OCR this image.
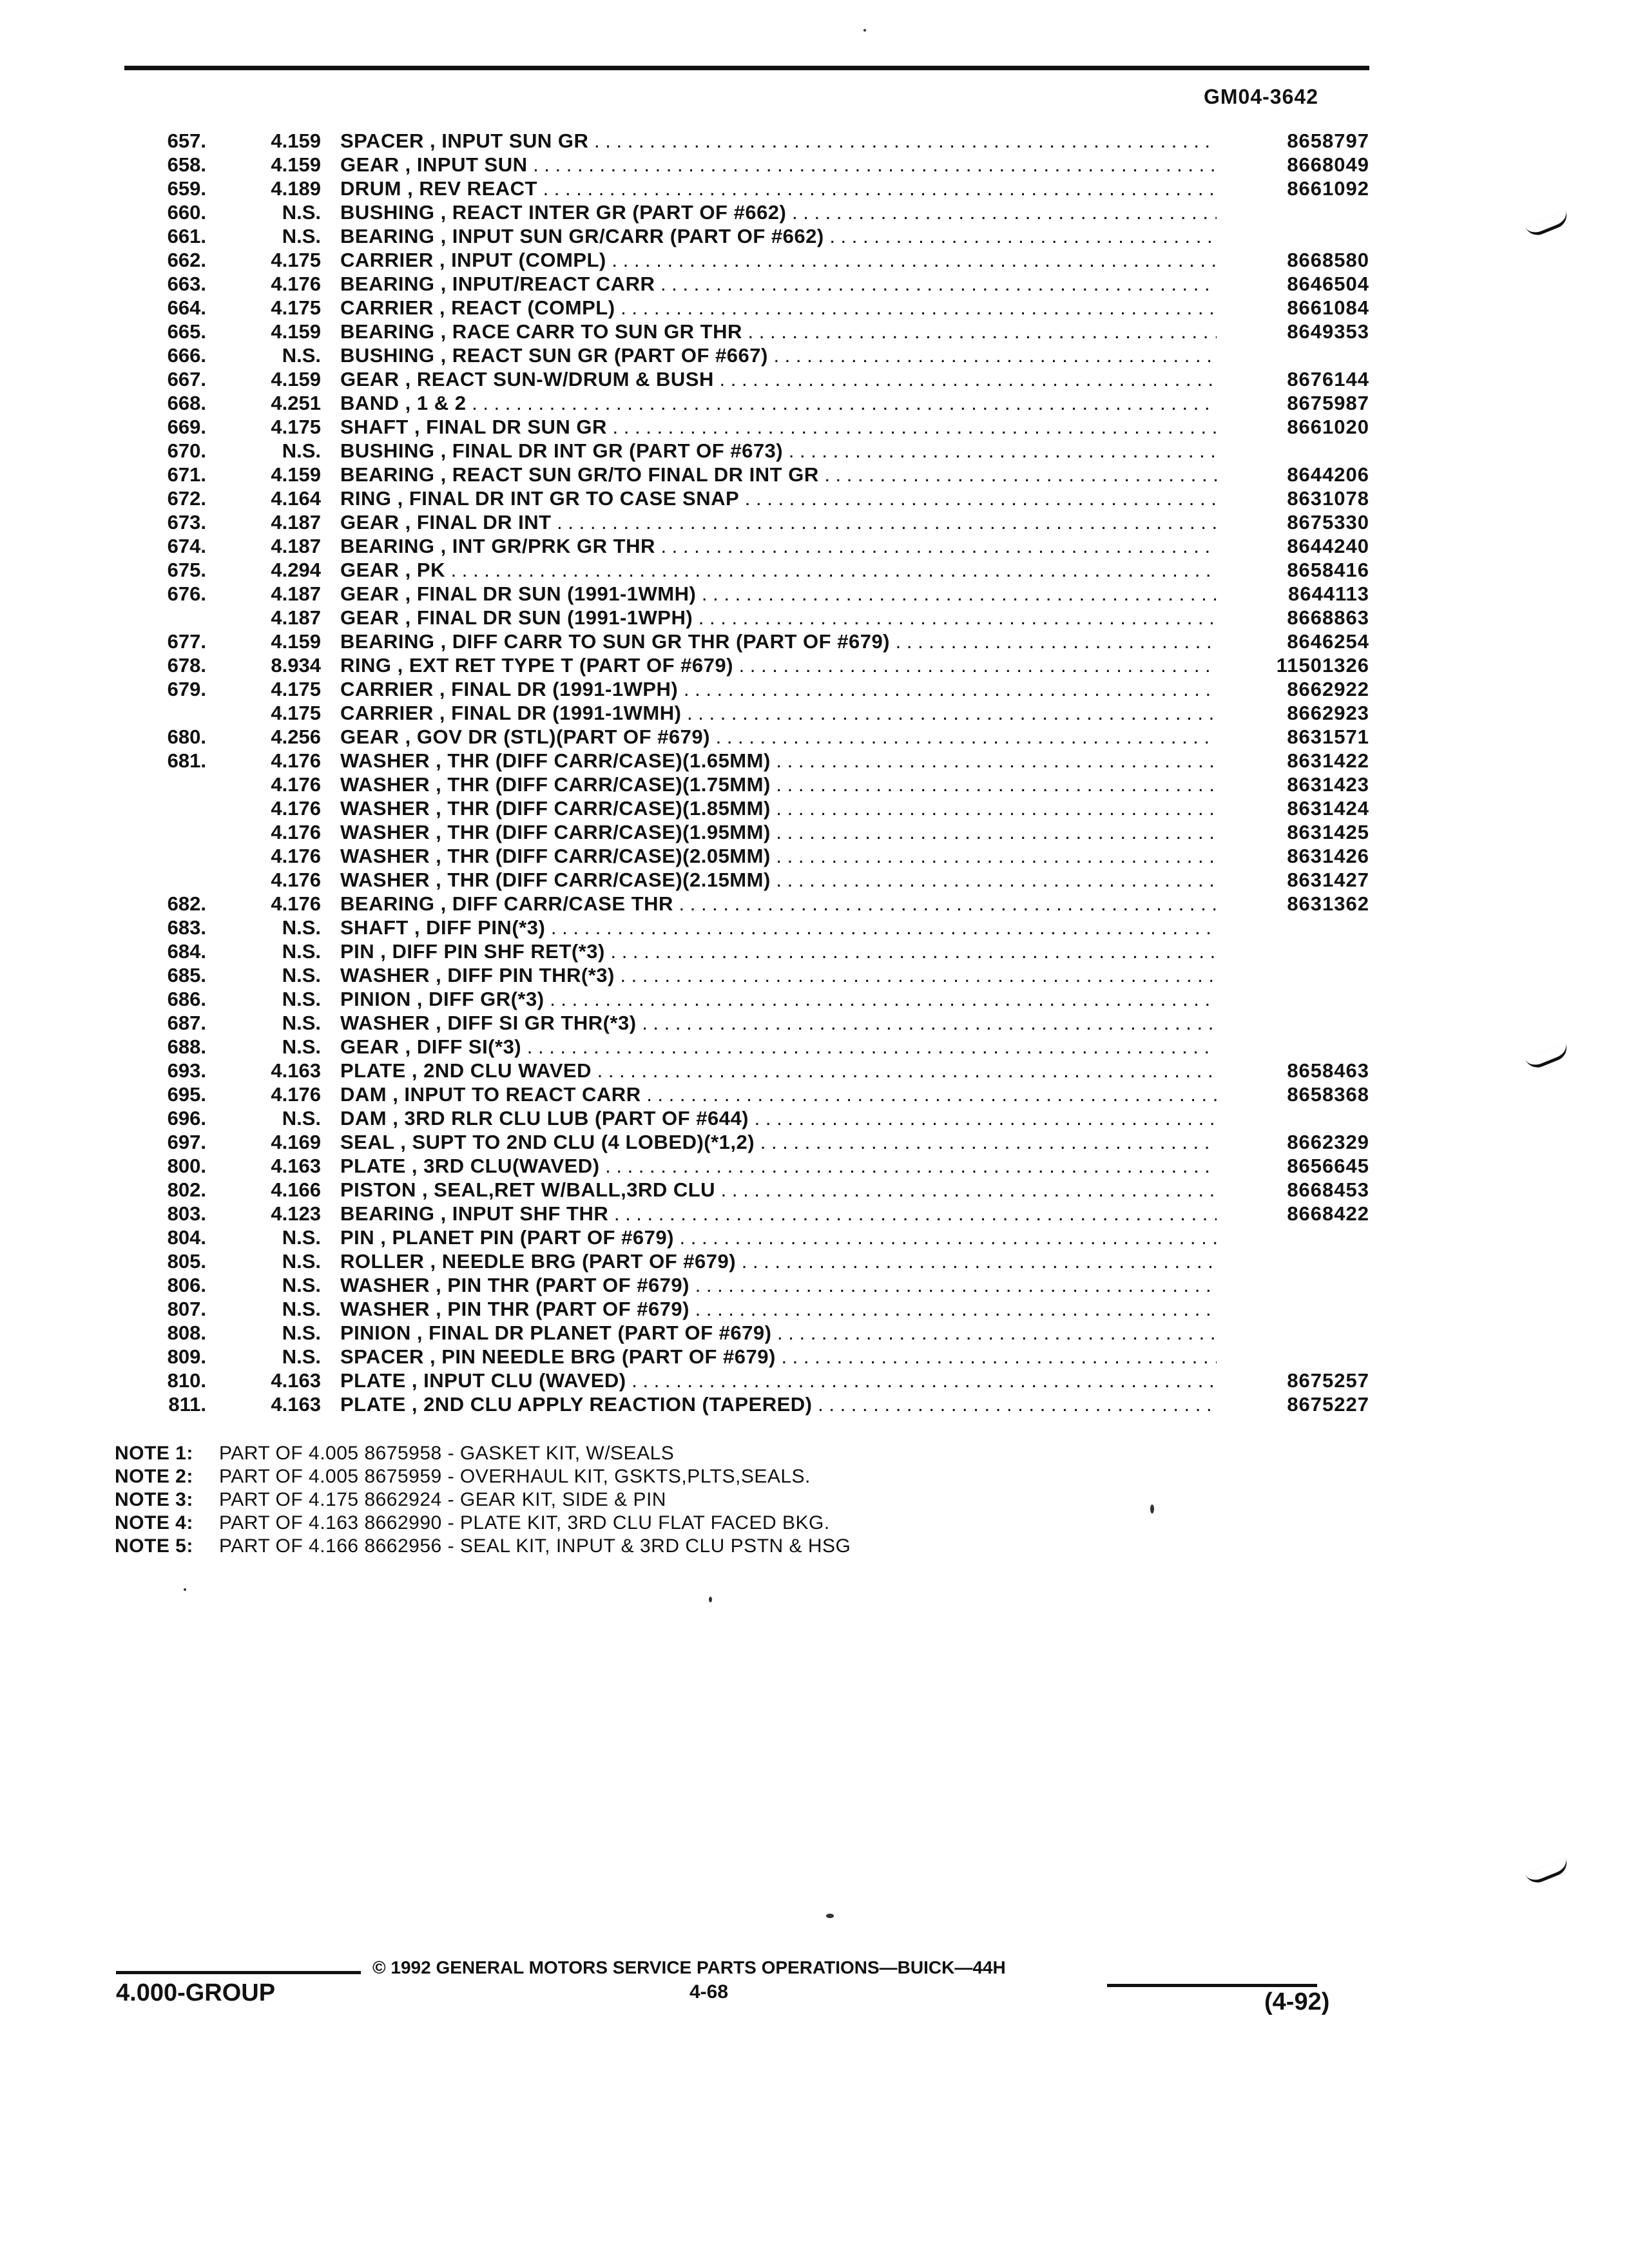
GM04-3642
657.	4.159 SPACER , INPUT SUN GR . . .	8658797
658.	4.159 GEAR , INPUT SUN . . .	8668049
659.	4.189 DRUM , REV REACT . . .	8661092
660.	N.S. BUSHING , REACT INTER GR (PART OF #662) . . .
661.	N.S. BEARING , INPUT SUN GR/CARR (PART OF #662) . . .
662.	4.175 CARRIER , INPUT (COMPL) . . .	8668580
663.	4.176 BEARING , INPUT/REACT CARR . . .	8646504
664.	4.175 CARRIER , REACT (COMPL) . . .	8661084
665.	4.159 BEARING , RACE CARR TO SUN GR THR . . .	8649353
666.	N.S. BUSHING , REACT SUN GR (PART OF #667) . . .
667.	4.159 GEAR , REACT SUN-W/DRUM & BUSH . . .	8676144
668.	4.251 BAND , 1 & 2 . . .	8675987
669.	4.175 SHAFT , FINAL DR SUN GR . . .	8661020
670.	N.S. BUSHING , FINAL DR INT GR (PART OF #673) . . .
671.	4.159 BEARING , REACT SUN GR/TO FINAL DR INT GR . . .	8644206
672.	4.164 RING , FINAL DR INT GR TO CASE SNAP . . .	8631078
673.	4.187 GEAR , FINAL DR INT . . .	8675330
674.	4.187 BEARING , INT GR/PRK GR THR . . .	8644240
675.	4.294 GEAR , PK . . .	8658416
676.	4.187 GEAR , FINAL DR SUN (1991-1WMH) . . .	8644113
4.187 GEAR , FINAL DR SUN (1991-1WPH) . . .	8668863
677.	4.159 BEARING , DIFF CARR TO SUN GR THR (PART OF #679) . . .	8646254
678.	8.934 RING , EXT RET TYPE T (PART OF #679) . . .	11501326
679.	4.175 CARRIER , FINAL DR (1991-1WPH) . . .	8662922
4.175 CARRIER , FINAL DR (1991-1WMH) . . .	8662923
680.	4.256 GEAR , GOV DR (STL)(PART OF #679) . . .	8631571
681.	4.176 WASHER , THR (DIFF CARR/CASE)(1.65MM) . . .	8631422
4.176 WASHER , THR (DIFF CARR/CASE)(1.75MM) . . .	8631423
4.176 WASHER , THR (DIFF CARR/CASE)(1.85MM) . . .	8631424
4.176 WASHER , THR (DIFF CARR/CASE)(1.95MM) . . .	8631425
4.176 WASHER , THR (DIFF CARR/CASE)(2.05MM) . . .	8631426
4.176 WASHER , THR (DIFF CARR/CASE)(2.15MM) . . .	8631427
682.	4.176 BEARING , DIFF CARR/CASE THR . . .	8631362
683.	N.S. SHAFT , DIFF PIN(*3) . . .
684.	N.S. PIN , DIFF PIN SHF RET(*3) . . .
685.	N.S. WASHER , DIFF PIN THR(*3) . . .
686.	N.S. PINION , DIFF GR(*3) . . .
687.	N.S. WASHER , DIFF SI GR THR(*3) . . .
688.	N.S. GEAR , DIFF SI(*3) . . .
693.	4.163 PLATE , 2ND CLU WAVED . . .	8658463
695.	4.176 DAM , INPUT TO REACT CARR . . .	8658368
696.	N.S. DAM , 3RD RLR CLU LUB (PART OF #644) . . .
697.	4.169 SEAL , SUPT TO 2ND CLU (4 LOBED)(*1,2) . . .	8662329
800.	4.163 PLATE , 3RD CLU(WAVED) . . .	8656645
802.	4.166 PISTON , SEAL,RET W/BALL,3RD CLU . . .	8668453
803.	4.123 BEARING , INPUT SHF THR . . .	8668422
804.	N.S. PIN , PLANET PIN (PART OF #679) . . .
805.	N.S. ROLLER , NEEDLE BRG (PART OF #679) . . .
806.	N.S. WASHER , PIN THR (PART OF #679) . . .
807.	N.S. WASHER , PIN THR (PART OF #679) . . .
808.	N.S. PINION , FINAL DR PLANET (PART OF #679) . . .
809.	N.S. SPACER , PIN NEEDLE BRG (PART OF #679) . . .
810.	4.163 PLATE , INPUT CLU (WAVED) . . .	8675257
811.	4.163 PLATE , 2ND CLU APPLY REACTION (TAPERED) . . .	8675227
NOTE 1: PART OF 4.005 8675958 - GASKET KIT, W/SEALS
NOTE 2: PART OF 4.005 8675959 - OVERHAUL KIT, GSKTS,PLTS,SEALS.
NOTE 3: PART OF 4.175 8662924 - GEAR KIT, SIDE & PIN
NOTE 4: PART OF 4.163 8662990 - PLATE KIT, 3RD CLU FLAT FACED BKG.
NOTE 5: PART OF 4.166 8662956 - SEAL KIT, INPUT & 3RD CLU PSTN & HSG
© 1992 GENERAL MOTORS SERVICE PARTS OPERATIONS—BUICK—44H
4.000-GROUP	4-68	(4-92)
